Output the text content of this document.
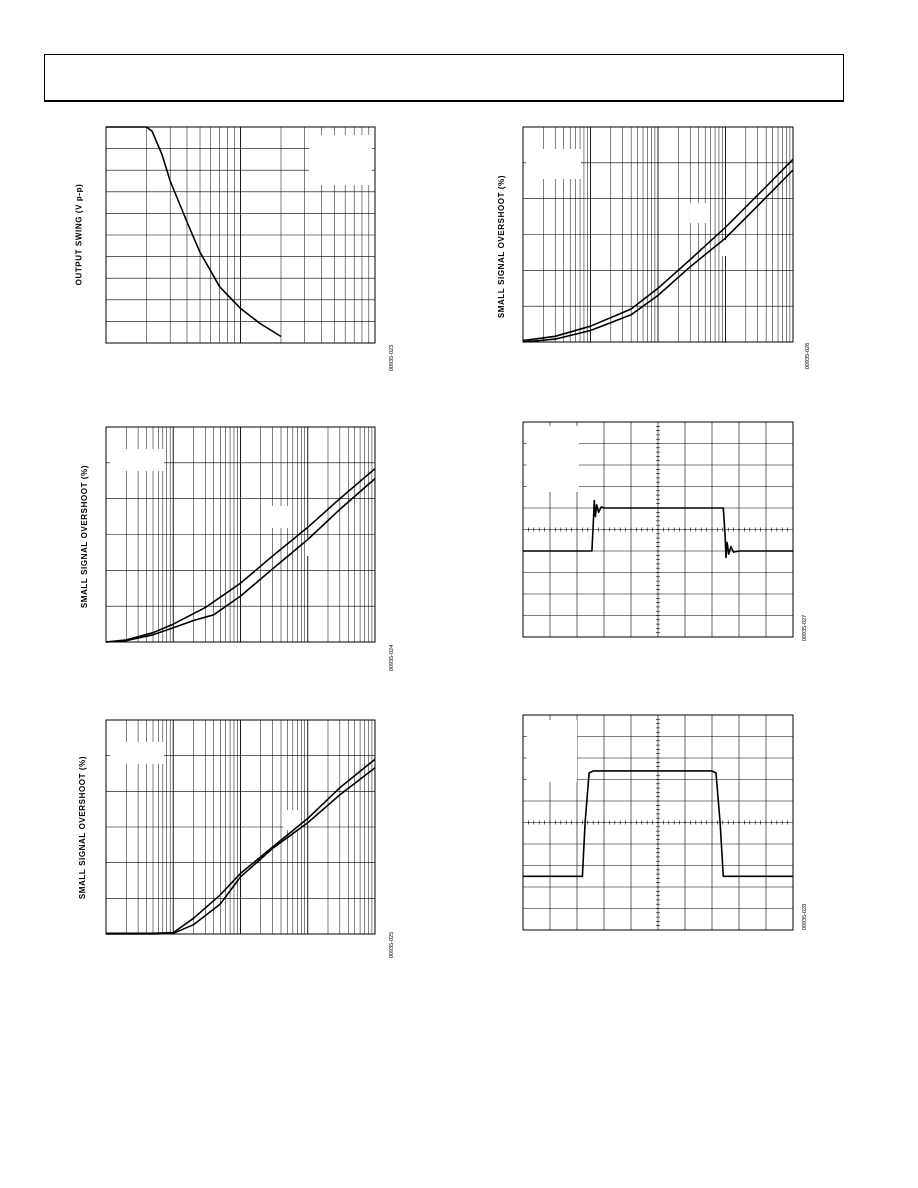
OUTPUT SWING (V p-p)
00935-023
SMALL SIGNAL OVERSHOOT (%)
00935-026
SMALL SIGNAL OVERSHOOT (%)
00935-024
00935-027
SMALL SIGNAL OVERSHOOT (%)
00935-025
00935-028
